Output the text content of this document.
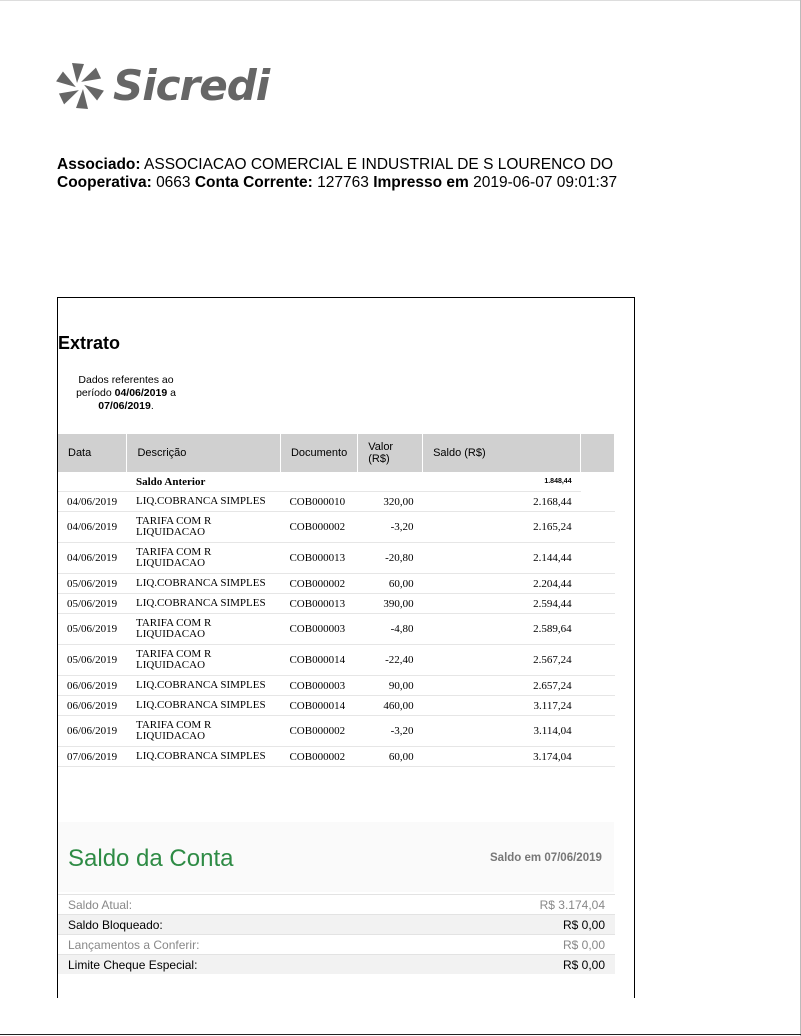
Sicredi
Associado: ASSOCIACAO COMERCIAL E INDUSTRIAL DE S LOURENCO DO
Cooperativa: 0663 Conta Corrente: 127763 Impresso em 2019-06-07 09:01:37
Extrato
Dados referentes ao
período 04/06/2019 a
07/06/2019.
Data	Descrição	Documento	Valor (R$)	Saldo (R$)	
	Saldo Anterior			1.848,44	
04/06/2019	LIQ.COBRANCA SIMPLES	COB000010	320,00	2.168,44	
04/06/2019	TARIFA COM R LIQUIDACAO	COB000002	-3,20	2.165,24	
04/06/2019	TARIFA COM R LIQUIDACAO	COB000013	-20,80	2.144,44	
05/06/2019	LIQ.COBRANCA SIMPLES	COB000002	60,00	2.204,44	
05/06/2019	LIQ.COBRANCA SIMPLES	COB000013	390,00	2.594,44	
05/06/2019	TARIFA COM R LIQUIDACAO	COB000003	-4,80	2.589,64	
05/06/2019	TARIFA COM R LIQUIDACAO	COB000014	-22,40	2.567,24	
06/06/2019	LIQ.COBRANCA SIMPLES	COB000003	90,00	2.657,24	
06/06/2019	LIQ.COBRANCA SIMPLES	COB000014	460,00	3.117,24	
06/06/2019	TARIFA COM R LIQUIDACAO	COB000002	-3,20	3.114,04	
07/06/2019	LIQ.COBRANCA SIMPLES	COB000002	60,00	3.174,04	
Saldo da Conta	Saldo em 07/06/2019
Saldo Atual:	R$ 3.174,04
Saldo Bloqueado:	R$ 0,00
Lançamentos a Conferir:	R$ 0,00
Limite Cheque Especial:	R$ 0,00
